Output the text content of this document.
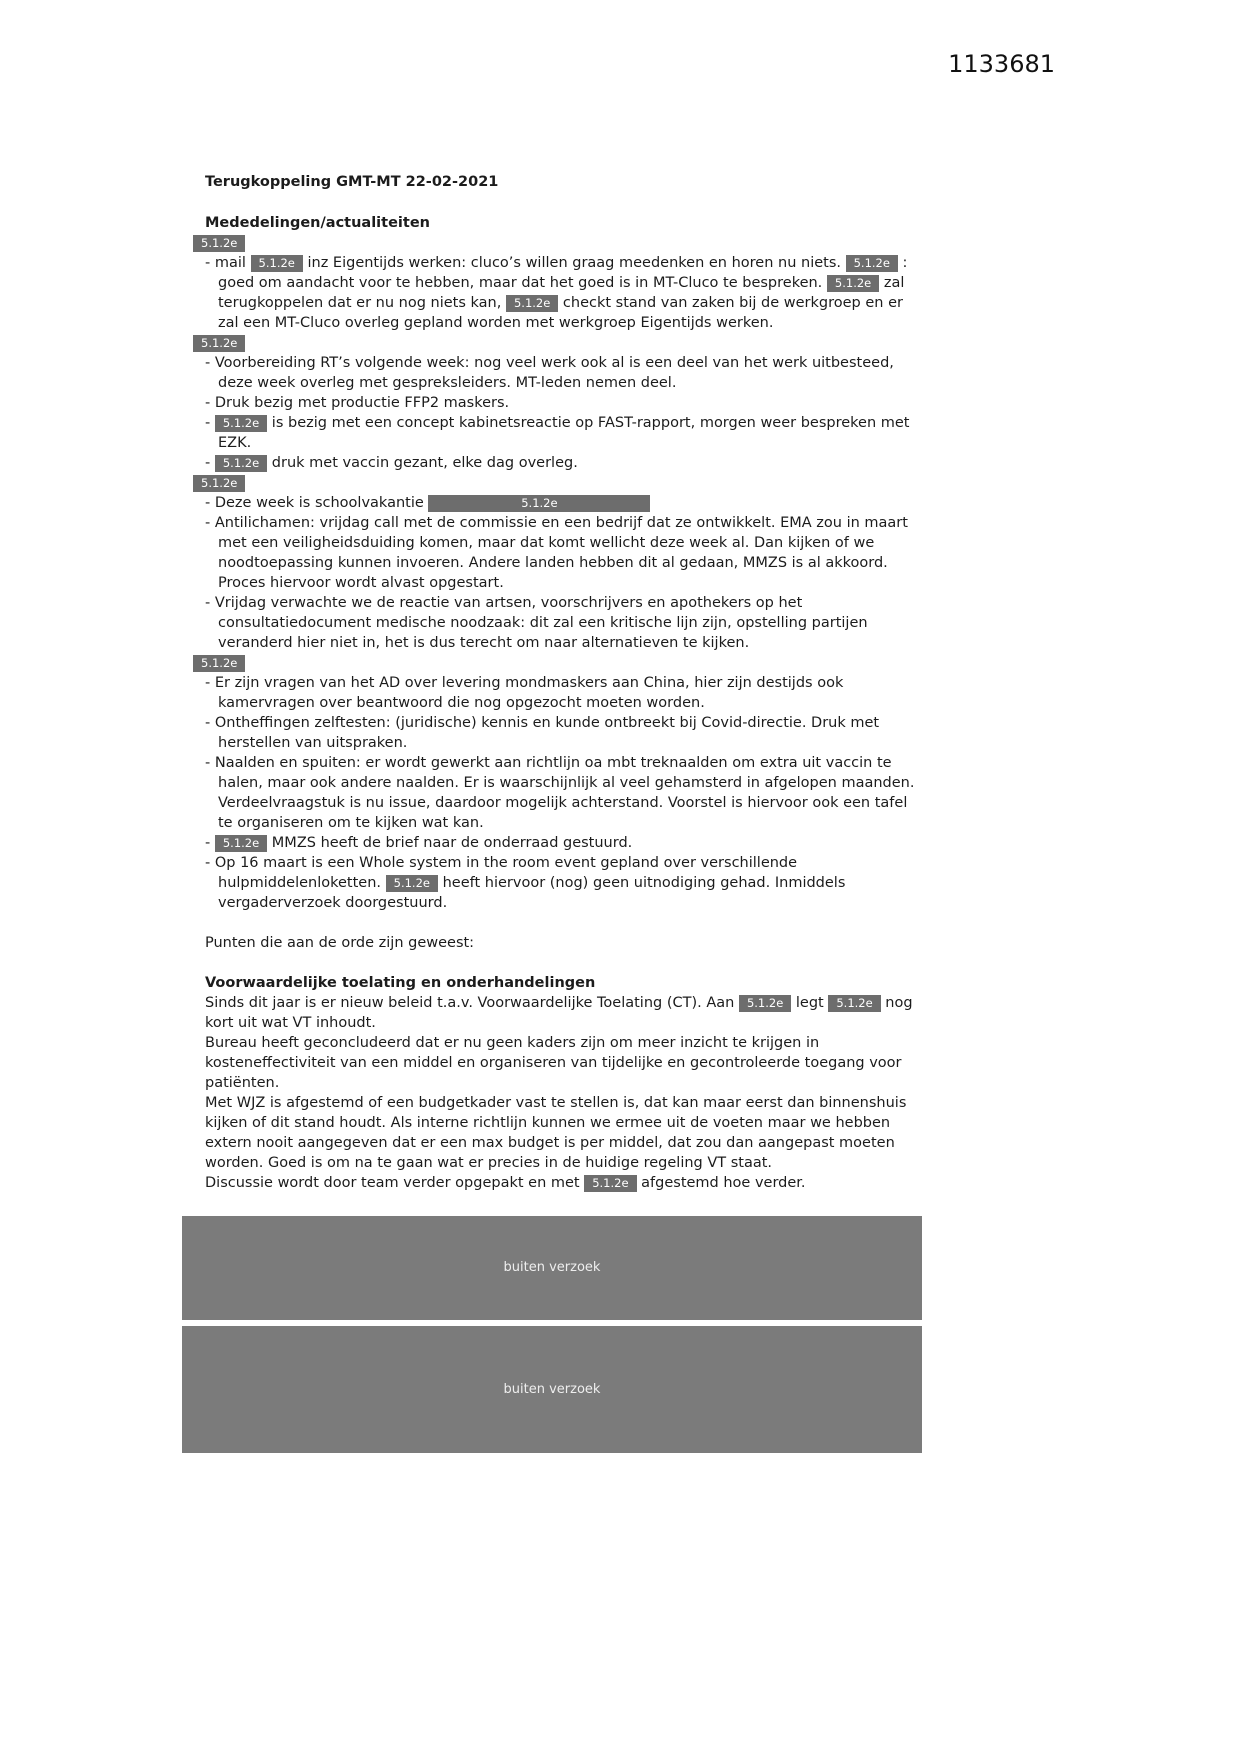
1133681
Terugkoppeling GMT-MT 22-02-2021
Mededelingen/actualiteiten
5.1.2e
- mail 5.1.2e inz Eigentijds werken: cluco’s willen graag meedenken en horen nu niets. 5.1.2e : goed om aandacht voor te hebben, maar dat het goed is in MT-Cluco te bespreken. 5.1.2e zal terugkoppelen dat er nu nog niets kan, 5.1.2e checkt stand van zaken bij de werkgroep en er zal een MT-Cluco overleg gepland worden met werkgroep Eigentijds werken.
5.1.2e
- Voorbereiding RT’s volgende week: nog veel werk ook al is een deel van het werk uitbesteed, deze week overleg met gespreksleiders. MT-leden nemen deel.
- Druk bezig met productie FFP2 maskers.
- 5.1.2e is bezig met een concept kabinetsreactie op FAST-rapport, morgen weer bespreken met EZK.
- 5.1.2e druk met vaccin gezant, elke dag overleg.
5.1.2e
- Deze week is schoolvakantie	5.1.2e
- Antilichamen: vrijdag call met de commissie en een bedrijf dat ze ontwikkelt. EMA zou in maart met een veiligheidsduiding komen, maar dat komt wellicht deze week al. Dan kijken of we noodtoepassing kunnen invoeren. Andere landen hebben dit al gedaan, MMZS is al akkoord. Proces hiervoor wordt alvast opgestart.
- Vrijdag verwachte we de reactie van artsen, voorschrijvers en apothekers op het consultatiedocument medische noodzaak: dit zal een kritische lijn zijn, opstelling partijen veranderd hier niet in, het is dus terecht om naar alternatieven te kijken.
5.1.2e
- Er zijn vragen van het AD over levering mondmaskers aan China, hier zijn destijds ook kamervragen over beantwoord die nog opgezocht moeten worden.
- Ontheffingen zelftesten: (juridische) kennis en kunde ontbreekt bij Covid-directie. Druk met herstellen van uitspraken.
- Naalden en spuiten: er wordt gewerkt aan richtlijn oa mbt treknaalden om extra uit vaccin te halen, maar ook andere naalden. Er is waarschijnlijk al veel gehamsterd in afgelopen maanden. Verdeelvraagstuk is nu issue, daardoor mogelijk achterstand. Voorstel is hiervoor ook een tafel te organiseren om te kijken wat kan.
- 5.1.2e MMZS heeft de brief naar de onderraad gestuurd.
- Op 16 maart is een Whole system in the room event gepland over verschillende hulpmiddelenloketten. 5.1.2e heeft hiervoor (nog) geen uitnodiging gehad. Inmiddels vergaderverzoek doorgestuurd.
Punten die aan de orde zijn geweest:
Voorwaardelijke toelating en onderhandelingen
Sinds dit jaar is er nieuw beleid t.a.v. Voorwaardelijke Toelating (CT). Aan 5.1.2e legt 5.1.2e nog kort uit wat VT inhoudt.
Bureau heeft geconcludeerd dat er nu geen kaders zijn om meer inzicht te krijgen in kosteneffectiviteit van een middel en organiseren van tijdelijke en gecontroleerde toegang voor patiënten.
Met WJZ is afgestemd of een budgetkader vast te stellen is, dat kan maar eerst dan binnenshuis kijken of dit stand houdt. Als interne richtlijn kunnen we ermee uit de voeten maar we hebben extern nooit aangegeven dat er een max budget is per middel, dat zou dan aangepast moeten worden. Goed is om na te gaan wat er precies in de huidige regeling VT staat.
Discussie wordt door team verder opgepakt en met 5.1.2e afgestemd hoe verder.
buiten verzoek
buiten verzoek
